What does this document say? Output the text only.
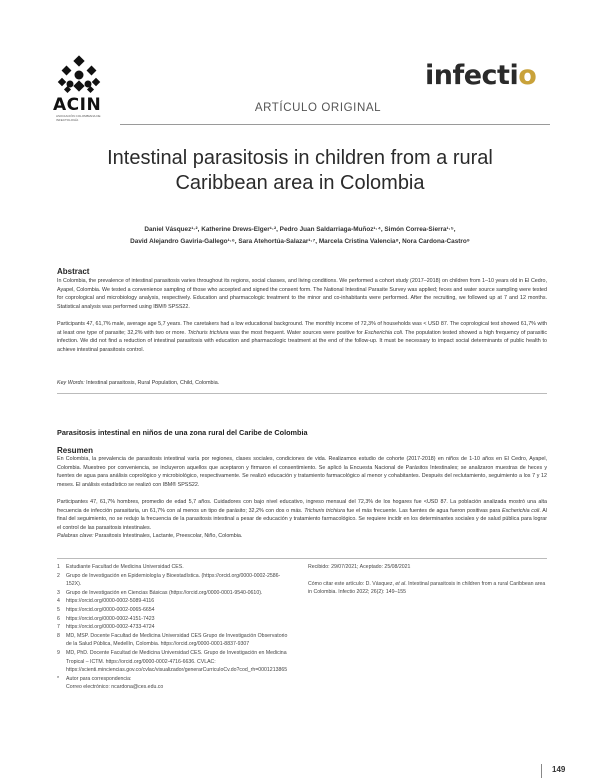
ACIN
ASOCIACIÓN COLOMBIANA DE INFECTOLOGÍA
infectio
ARTÍCULO ORIGINAL
Intestinal parasitosis in children from a rural
Caribbean area in Colombia
Daniel Vásquez¹·², Katherine Drews-Elger¹·², Pedro Juan Saldarriaga-Muñoz¹·⁴, Simón Correa-Sierra¹·⁵,
David Alejandro Gaviria-Gallego¹·⁶, Sara Atehortúa-Salazar¹·⁷, Marcela Cristina Valencia⁸, Nora Cardona-Castro⁹
Abstract
In Colombia, the prevalence of intestinal parasitosis varies throughout its regions, social classes, and living conditions. We performed a cohort study (2017–2018) on children from 1–10 years old in El Cedro, Ayapel, Colombia. We tested a convenience sampling of those who accepted and signed the consent form. The National Intestinal Parasite Survey was applied; feces and water source sampling were tested for coprological and microbiology analysis, respectively. Education and pharmacologic treatment to the minor and co-inhabitants were performed. After the recruiting, we followed up at 7 and 12 months. Statistical analysis was performed using IBM® SPSS22.
Participants 47, 61,7% male, average age 5,7 years. The caretakers had a low educational background. The monthly income of 72,3% of households was < USD 87. The coprological test showed 61,7% with at least one type of parasite; 32,2% with two or more. Trichuris trichiura was the most frequent. Water sources were positive for Escherichia coli. The population tested showed a high frequency of parasitic infection. We did not find a reduction of intestinal parasitosis with education and pharmacologic treatment at the end of the follow-up. It must be necessary to impact social determinants of public health to achieve intestinal parasitosis control.
Key Words: Intestinal parasitosis, Rural Population, Child, Colombia.
Parasitosis intestinal en niños de una zona rural del Caribe de Colombia
Resumen
En Colombia, la prevalencia de parasitosis intestinal varía por regiones, clases sociales, condiciones de vida. Realizamos estudio de cohorte (2017-2018) en niños de 1-10 años en El Cedro, Ayapel, Colombia. Muestreo por conveniencia, se incluyeron aquellos que aceptaron y firmaron el consentimiento. Se aplicó la Encuesta Nacional de Parásitos Intestinales; se analizaron muestras de heces y fuentes de agua para análisis coprológico y microbiológico, respectivamente. Se realizó educación y tratamiento farmacológico al menor y cohabitantes. Después del reclutamiento, seguimiento a los 7 y 12 meses. El análisis estadístico se realizó con IBM® SPSS22.
Participantes 47, 61,7% hombres, promedio de edad 5,7 años. Cuidadores con bajo nivel educativo, ingreso mensual del 72,3% de los hogares fue <USD 87. La población analizada mostró una alta frecuencia de infección parasitaria, un 61,7% con al menos un tipo de parásito; 32,2% con dos o más. Trichuris trichiura fue el más frecuente. Las fuentes de agua fueron positivas para Escherichia coli. Al final del seguimiento, no se redujo la frecuencia de la parasitosis intestinal a pesar de educación y tratamiento farmacológico. Se requiere incidir en los determinantes sociales y de salud pública para lograr el control de las parasitosis intestinales.
Palabras clave: Parasitosis Intestinales, Lactante, Preescolar, Niño, Colombia.
1	Estudiante Facultad de Medicina Universidad CES.
2	Grupo de Investigación en Epidemiología y Bioestadística. (https://orcid.org/0000-0002-2586-152X).
3	Grupo de Investigación en Ciencias Básicas (https://orcid.org/0000-0001-9540-0610).
4	https://orcid.org/0000-0002-5089-4116
5	https://orcid.org/0000-0002-0065-6654
6	https://orcid.org/0000-0002-4151-7423
7	https://orcid.org/0000-0002-4733-4724
8	MD, MSP. Docente Facultad de Medicina Universidad CES Grupo de Investigación Observatorio de la Salud Pública, Medellín, Colombia. https://orcid.org/0000-0001-8837-9307
9	MD, PhD. Docente Facultad de Medicina Universidad CES. Grupo de Investigación en Medicina Tropical – ICTM. https://orcid.org/0000-0002-4716-6636. CVLAC: https://scienti.minciencias.gov.co/cvlac/visualizador/generarCurriculoCv.do?cod_rh=0001213865
*	Autor para correspondencia:
Correo electrónico: ncardona@ces.edu.co
Recibido: 29/07/2021; Aceptado: 25/08/2021
Cómo citar este artículo: D. Vásquez, et al. Intestinal parasitosis in children from a rural Caribbean area in Colombia. Infectio 2022; 26(2): 149–155
149
